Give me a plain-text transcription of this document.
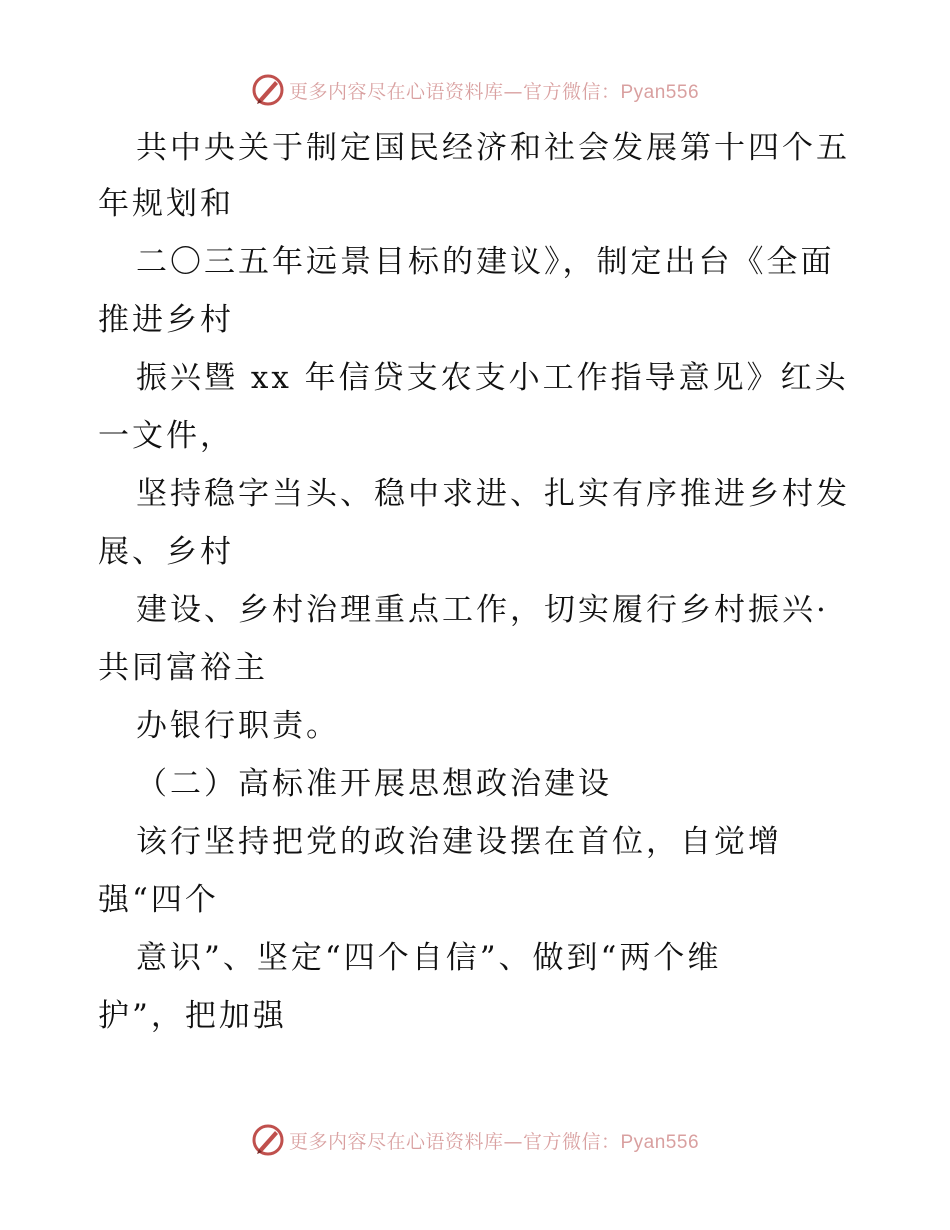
更多内容尽在心语资料库—官方微信：Pyan556
共中央关于制定国民经济和社会发展第十四个五
年规划和
二〇三五年远景目标的建议》，制定出台《全面
推进乡村
振兴暨 xx 年信贷支农支小工作指导意见》红头
一文件，
坚持稳字当头、稳中求进、扎实有序推进乡村发
展、乡村
建设、乡村治理重点工作，切实履行乡村振兴·
共同富裕主
办银行职责。
（二）高标准开展思想政治建设
该行坚持把党的政治建设摆在首位，自觉增
强“四个
意识”、坚定“四个自信”、做到“两个维
护”，把加强
更多内容尽在心语资料库—官方微信：Pyan556
